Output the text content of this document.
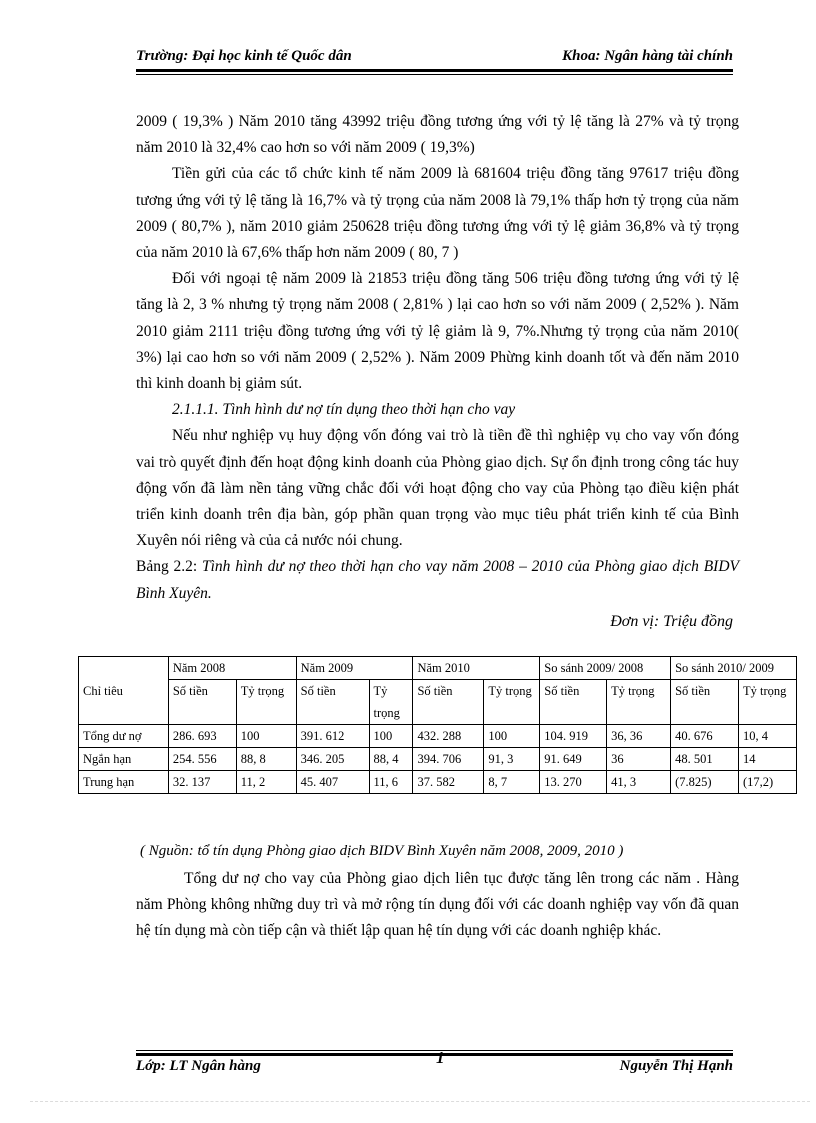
Trường: Đại học kinh tế Quốc dân	Khoa: Ngân hàng tài chính

2009 ( 19,3% ) Năm 2010 tăng 43992 triệu đồng tương ứng với tỷ lệ tăng là 27% và tỷ trọng năm 2010 là 32,4% cao hơn so với năm 2009 ( 19,3%)

Tiền gửi của các tổ chức kinh tế năm 2009 là 681604 triệu đồng tăng 97617 triệu đồng tương ứng với tỷ lệ tăng là 16,7% và tỷ trọng của năm 2008 là 79,1% thấp hơn tỷ trọng của năm 2009 ( 80,7% ), năm 2010 giảm 250628 triệu đồng tương ứng với tỷ lệ giảm 36,8% và tỷ trọng của năm 2010 là 67,6% thấp hơn năm 2009 ( 80, 7 )

Đối với ngoại tệ năm 2009 là 21853 triệu đồng tăng 506 triệu đồng tương ứng với tỷ lệ tăng là 2, 3 % nhưng tỷ trọng năm 2008 ( 2,81% ) lại cao hơn so với năm 2009 ( 2,52% ). Năm 2010 giảm 2111 triệu đồng tương ứng với tỷ lệ giảm là 9, 7%.Nhưng tỷ trọng của năm 2010( 3%) lại cao hơn so với năm 2009 ( 2,52% ). Năm 2009 Phừng kinh doanh tốt và đến năm 2010 thì kinh doanh bị giảm sút.

2.1.1.1. Tình hình dư nợ tín dụng theo thời hạn cho vay

Nếu như nghiệp vụ huy động vốn đóng vai trò là tiền đề thì nghiệp vụ cho vay vốn đóng vai trò quyết định đến hoạt động kinh doanh của Phòng giao dịch. Sự ổn định trong công tác huy động vốn đã làm nền tảng vững chắc đối với hoạt động cho vay của Phòng tạo điều kiện phát triển kinh doanh trên địa bàn, góp phần quan trọng vào mục tiêu phát triển kinh tế của Bình Xuyên nói riêng và của cả nước nói chung.

Bảng 2.2: Tình hình dư nợ theo thời hạn cho vay năm 2008 – 2010 của Phòng giao dịch BIDV Bình Xuyên.

Đơn vị: Triệu đồng
Chỉ tiêu	Năm 2008		Năm 2009		Năm 2010		So sánh 2009/ 2008		So sánh 2010/ 2009	
	Số tiền	Tỷ trọng	Số tiền	Tỷ trọng	Số tiền	Tỷ trọng	Số tiền	Tỷ trọng	Số tiền	Tỷ trọng
Tổng dư nợ	286. 693	100	391. 612	100	432. 288	100	104. 919	36, 36	40. 676	10, 4
Ngắn hạn	254. 556	88, 8	346. 205	88, 4	394. 706	91, 3	91. 649	36	48. 501	14
Trung hạn	32. 137	11, 2	45. 407	11, 6	37. 582	8, 7	13. 270	41, 3	(7.825)	(17,2)
( Nguồn: tổ tín dụng Phòng giao dịch BIDV Bình Xuyên năm 2008, 2009, 2010 )

Tổng dư nợ cho vay của Phòng giao dịch liên tục được tăng lên trong các năm . Hàng năm Phòng không những duy trì và mở rộng tín dụng đối với các doanh nghiệp vay vốn đã quan hệ tín dụng mà còn tiếp cận và thiết lập quan hệ tín dụng với các doanh nghiệp khác.

Lớp: LT Ngân hàng	1	Nguyễn Thị Hạnh
